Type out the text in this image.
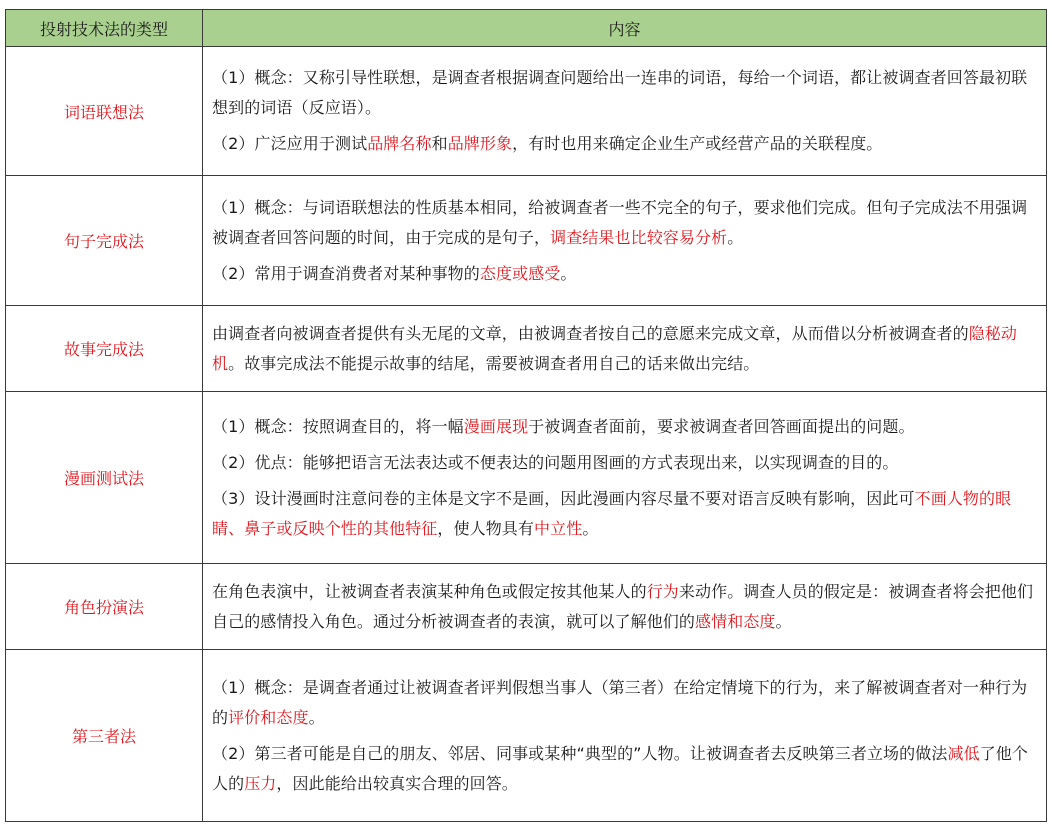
投射技术法的类型	内容
词语联想法	（1）概念：又称引导性联想，是调查者根据调查问题给出一连串的词语，每给一个词语，都让被调查者回答最初联想到的词语（反应语）。
（2）广泛应用于测试品牌名称和品牌形象，有时也用来确定企业生产或经营产品的关联程度。

句子完成法	（1）概念：与词语联想法的性质基本相同，给被调查者一些不完全的句子，要求他们完成。但句子完成法不用强调被调查者回答问题的时间，由于完成的是句子，调查结果也比较容易分析。
（2）常用于调查消费者对某种事物的态度或感受。

故事完成法	由调查者向被调查者提供有头无尾的文章，由被调查者按自己的意愿来完成文章，从而借以分析被调查者的隐秘动机。故事完成法不能提示故事的结尾，需要被调查者用自己的话来做出完结。

漫画测试法	（1）概念：按照调查目的，将一幅漫画展现于被调查者面前，要求被调查者回答画面提出的问题。
（2）优点：能够把语言无法表达或不便表达的问题用图画的方式表现出来，以实现调查的目的。
（3）设计漫画时注意问卷的主体是文字不是画，因此漫画内容尽量不要对语言反映有影响，因此可不画人物的眼睛、鼻子或反映个性的其他特征，使人物具有中立性。

角色扮演法	在角色表演中，让被调查者表演某种角色或假定按其他某人的行为来动作。调查人员的假定是：被调查者将会把他们自己的感情投入角色。通过分析被调查者的表演，就可以了解他们的感情和态度。

第三者法	（1）概念：是调查者通过让被调查者评判假想当事人（第三者）在给定情境下的行为，来了解被调查者对一种行为的评价和态度。
（2）第三者可能是自己的朋友、邻居、同事或某种“典型的”人物。让被调查者去反映第三者立场的做法减低了他个人的压力，因此能给出较真实合理的回答。
